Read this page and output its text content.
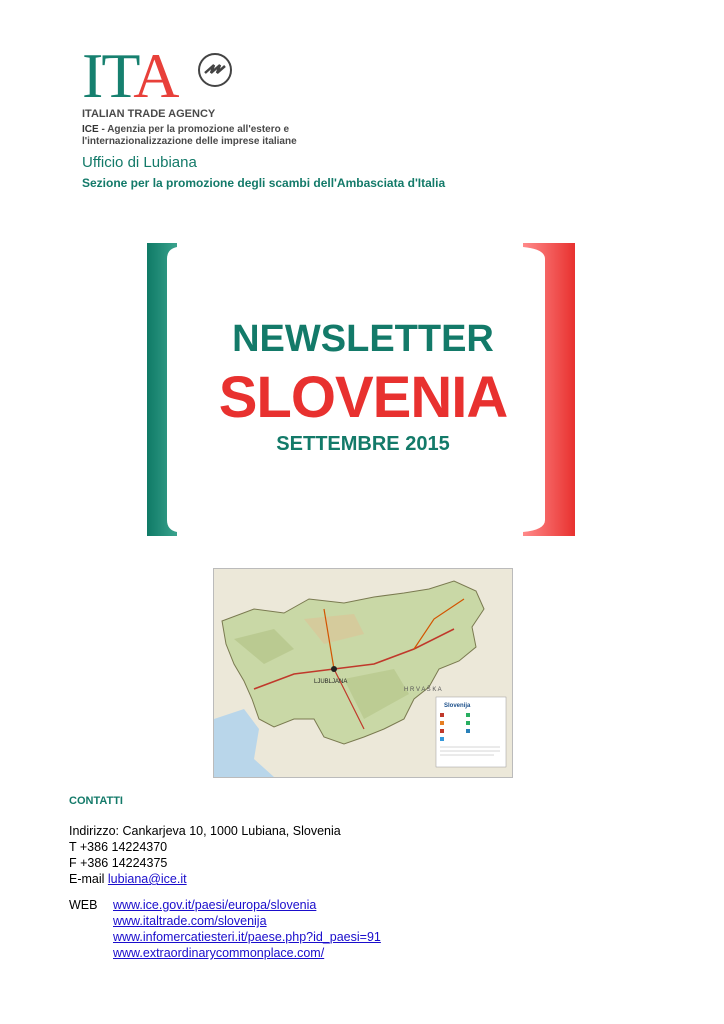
ITA
ITALIAN TRADE AGENCY
ICE - Agenzia per la promozione all'estero e
l'internazionalizzazione delle imprese italiane
Ufficio di Lubiana
Sezione per la promozione degli scambi dell'Ambasciata d'Italia
NEWSLETTER
SLOVENIA
SETTEMBRE 2015
LJUBLJANA
H R V A Š K A
Slovenija
CONTATTI
Indirizzo: Cankarjeva 10, 1000 Lubiana, Slovenia
T +386 14224370
F +386 14224375
E-mail lubiana@ice.it
WEB www.ice.gov.it/paesi/europa/slovenia
www.italtrade.com/slovenija
www.infomercatiesteri.it/paese.php?id_paesi=91
www.extraordinarycommonplace.com/
